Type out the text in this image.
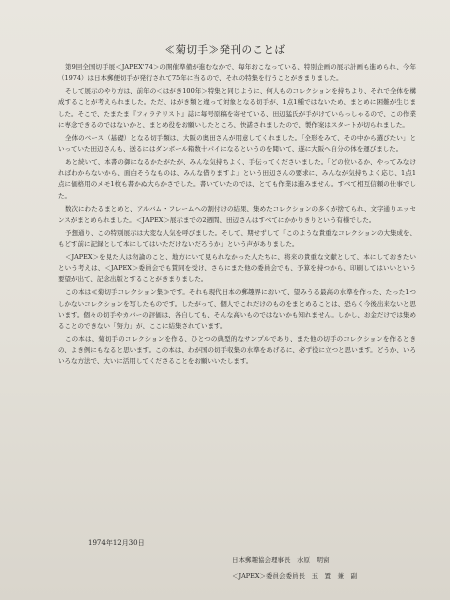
≪菊切手≫発刊のことば

第9回全国切手展＜JAPEX'74＞の開催準備が進むなかで、毎年おこなっている、特別企画の展示計画も進められ、今年（1974）は日本郵便切手が発行されて75年に当るので、それの特集を行うことがきまりました。

そして展示のやり方は、前年の＜はがき100年＞特集と同じように、何人ものコレクションを持ちより、それで全体を構成することが考えられました。ただ、はがき類と違って対象となる切手が、1点1種ではないため、まとめに困難が生じました。そこで、たまたま『フィラテリスト』誌に毎号原稿を寄せている、田辺猛氏が手がけていらっしゃるので、この作業に専念できるのではないかと、まとめ役をお願いしたところ、快諾されましたので、製作案はスタートが切られました。

全体のベース（基礎）となる切手類は、大阪の奥田さんが用意してくれました。「全形をみて、その中から選びたい」といっていた田辺さんも、送るにはダンボール箱数十パイになるというのを聞いて、遂に大阪へ自分の体を運びました。

あと続いて、本書の御になるかたがたが、みんな気持ちよく、手伝ってくださいました。「どの位いるか、やってみなければわからないから、面白そうなものは、みんな借りますよ」という田辺さんの要求に、みんなが気持ちよく応じ、1点1点に価格用のメモ1枚も書かぬ大らかさでした。書いていたのでは、とても作業は進みません。すべて相互信頼の仕事でした。

数次にわたるまとめと、アルバム・フレームへの割付けの結果、集めたコレクションの多くが捨てられ、文字通りエッセンスがまとめられました。＜JAPEX＞展示までの2週間、田辺さんはすべてにかかりきりという有様でした。

予想通り、この特別展示は大変な人気を呼びました。そして、期せずして「このような貴重なコレクションの大集成を、もどす前に記録として本にしてはいただけないだろうか」という声がありました。

＜JAPEX＞を見た人は勿論のこと、地方にいて見られなかった人たちに、将来の貴重な文献として、本にしておきたいという考えは、＜JAPEX＞委員会でも賛同を受け、さらにまた他の委員会でも、予算を持つから、印刷してはいいという要望が出て、記念出版とすることがきまりました。

この本は≪菊切手コレクション集≫です。それも現代日本の郵趣界において、望みうる最高の水準を作った、たった1つしかないコレクションを写したものです。したがって、個人でこれだけのものをまとめることは、恐らく今後出来ないと思います。個々の切手やカバーの評価は、各自しても、そんな高いものではないかも知れません。しかし、お金だけでは集めることのできない「努力」が、ここに結集されています。

この本は、菊切手のコレクションを作る、ひとつの典型的なサンプルであり、また他の切手のコレクションを作るときの、よき例にもなると思います。この本は、わが国の切手収集の水準をあげるに、必ず役に立つと思います。どうか、いろいろな方法で、大いに活用してくださることをお願いいたします。

1974年12月30日
日本郵趣協会理事長　水原　明窗
＜JAPEX＞委員会委員長　玉　置　兼　副
